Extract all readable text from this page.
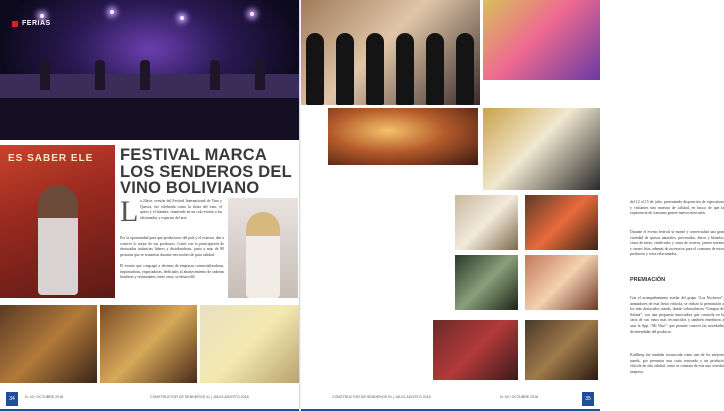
FERIAS
ES SABER ELE FESTIVAL MARCA LOS SENDEROS DEL VINO BOLIVIANO
L a 24ava. versión del Festival Internacional de Vino y Quesos, fue celebrada como la fiesta del vino, el queso y el fiambre, reuniendo en un solo evento a los aficionados y expertos del arte.
Por la oportunidad para que productores del país y el exterior, den a conocer lo mejor de sus productos. Contó con la participación de destacadas industrias líderes y distribuidoras, junto a más de 80 personas que se reunieron durante tres noches de pura calidad.
El evento que congregó a decenas de empresas comercializadoras, importadoras, exportadoras, dedicados al abastecimiento de cadenas hoteleras y restaurantes, entre otras, se desarrolló
34	N. 43 / OCTUBRE 2018	CONSTRUCTOR DE SENDEROS 01 | JULIO-AGOSTO 2018
del 12 al 15 de julio, presentando disposición de expositores y visitantes una muestra de calidad, en busca de que la experiencia de consumo genere nuevos mercados.
Durante el evento festival se montó y comercializó una gran variedad de quesos naturales, procesados, duros y blandos; vinos de mesa, vinificados y vinos de reserva, jamón serrano y carnes frías, además de accesorios para el consumo de estos productos y otros relacionados.
PREMIACIÓN
Con el acompañamiento estelar del grupo “Los Nocheros”, animadores de esta fiesta vinícola, se realizó la premiación a los más destacados stands, donde sobresalieron “Campos de Solana”, con una propuesta innovadora que consistía en la carta de sus vinos más reconocidos y también enseñaron a usar la App. “Mi Vino”, que permite conocer las novedades de entendidas del producto.
Kohlberg fue también reconocida como uno de los mejores stands, por presentar una carta renovada y un producto vitícola de alta calidad, como se constata de este una cosecha empresa.
35
CONSTRUCTOR DE SENDEROS 01 | JULIO-AGOSTO 2018	N. 43 / OCTUBRE 2018
